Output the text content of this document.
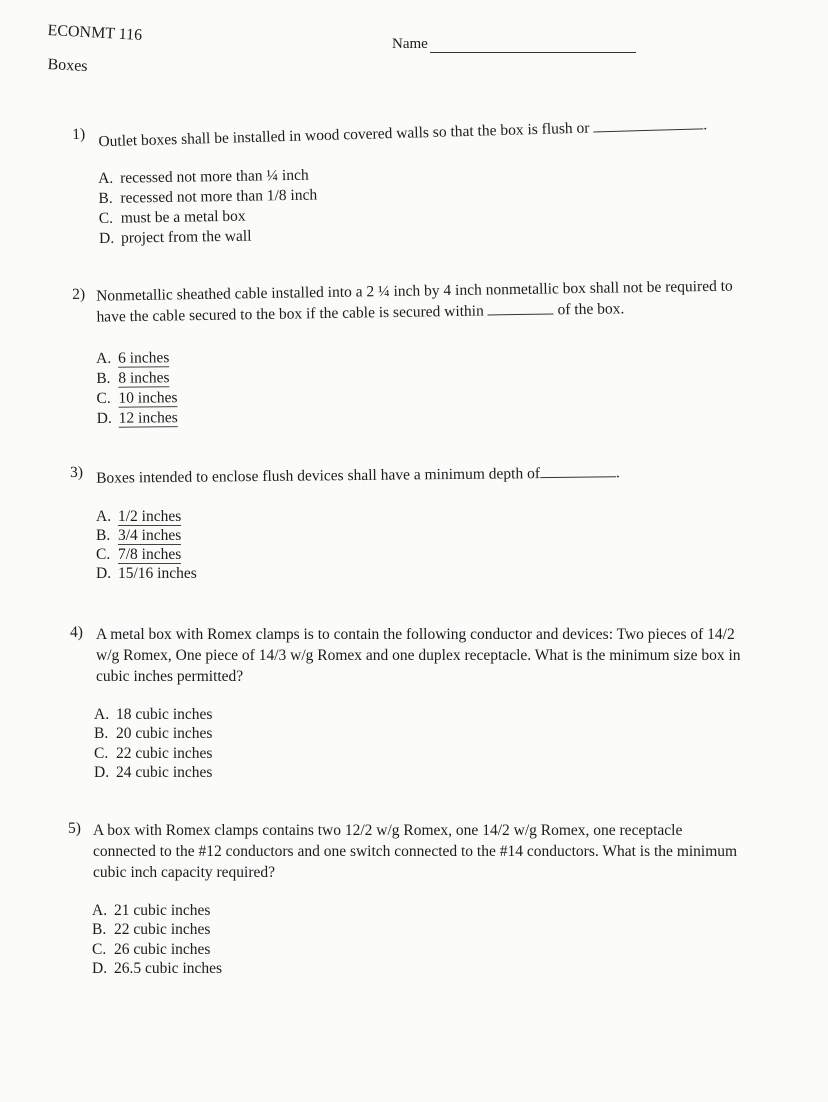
ECONMT 116
Boxes
Name
1) Outlet boxes shall be installed in wood covered walls so that the box is flush or	.
A. recessed not more than ¼ inch
B. recessed not more than 1/8 inch
C. must be a metal box
D. project from the wall
2) Nonmetallic sheathed cable installed into a 2 ¼ inch by 4 inch nonmetallic box shall not be required to
have the cable secured to the box if the cable is secured within	of the box.
A. 6 inches
B. 8 inches
C. 10 inches
D. 12 inches
3) Boxes intended to enclose flush devices shall have a minimum depth of	.
A. 1/2 inches
B. 3/4 inches
C. 7/8 inches
D. 15/16 inches
4) A metal box with Romex clamps is to contain the following conductor and devices: Two pieces of 14/2
w/g Romex, One piece of 14/3 w/g Romex and one duplex receptacle. What is the minimum size box in
cubic inches permitted?
A. 18 cubic inches
B. 20 cubic inches
C. 22 cubic inches
D. 24 cubic inches
5) A box with Romex clamps contains two 12/2 w/g Romex, one 14/2 w/g Romex, one receptacle
connected to the #12 conductors and one switch connected to the #14 conductors. What is the minimum
cubic inch capacity required?
A. 21 cubic inches
B. 22 cubic inches
C. 26 cubic inches
D. 26.5 cubic inches
